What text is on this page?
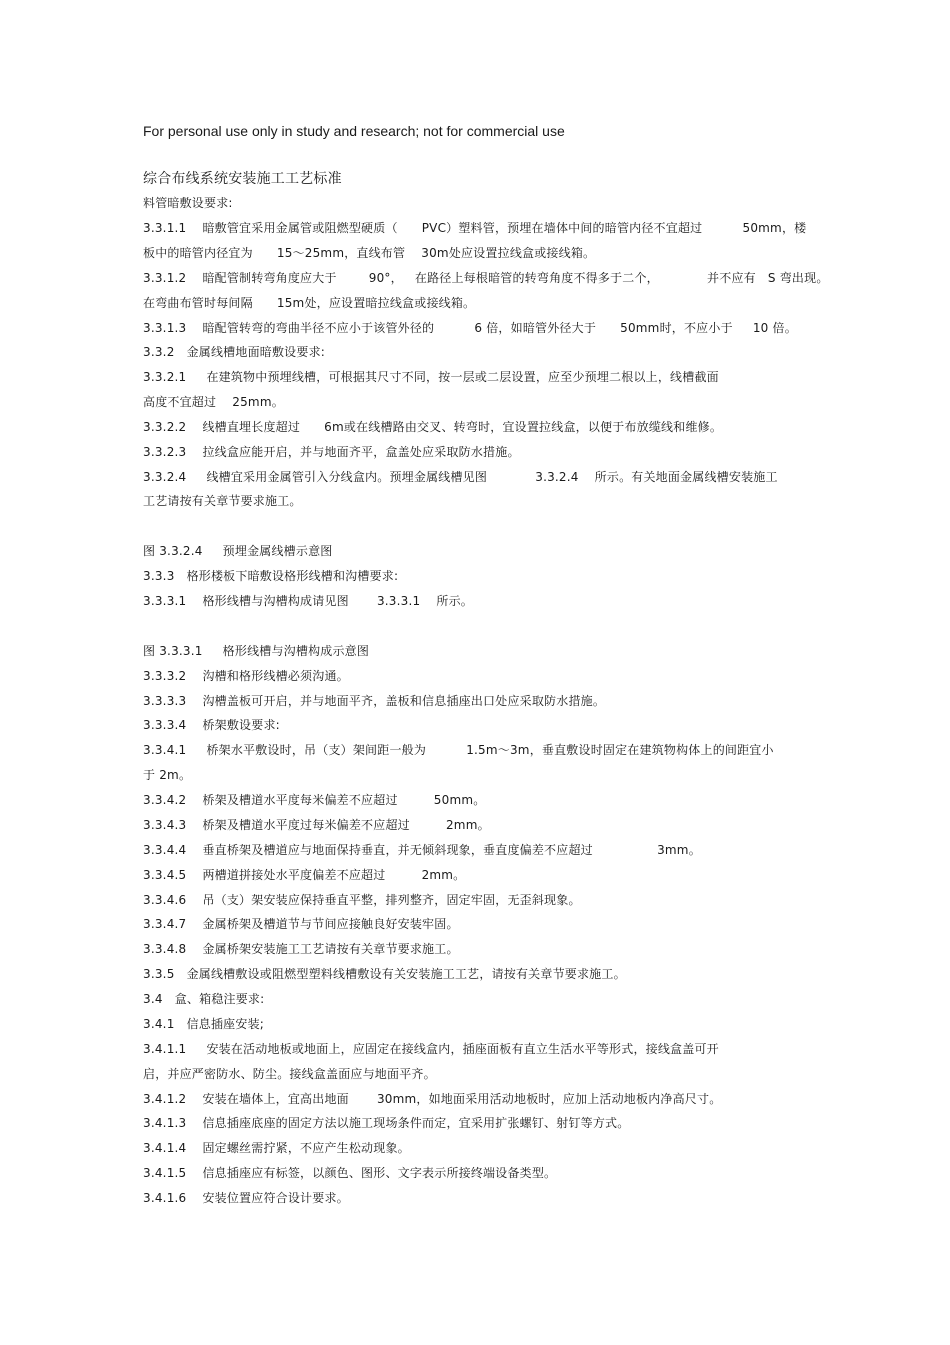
For personal use only in study and research; not for commercial use
综合布线系统安装施工工艺标准
料管暗敷设要求:
3.3.1.1    暗敷管宜采用金属管或阻燃型硬质（      PVC）塑料管，预埋在墙体中间的暗管内径不宜超过          50mm，楼
板中的暗管内径宜为      15～25mm，直线布管    30m处应设置拉线盒或接线箱。
3.3.1.2    暗配管制转弯角度应大于        90°，   在路径上每根暗管的转弯角度不得多于二个，            并不应有   S 弯出现。
在弯曲布管时每间隔      15m处，应设置暗拉线盒或接线箱。
3.3.1.3    暗配管转弯的弯曲半径不应小于该管外径的          6 倍，如暗管外径大于      50mm时，不应小于     10 倍。
3.3.2   金属线槽地面暗敷设要求:
3.3.2.1     在建筑物中预埋线槽，可根据其尺寸不同，按一层或二层设置，应至少预埋二根以上，线槽截面
高度不宜超过    25mm。
3.3.2.2    线槽直埋长度超过      6m或在线槽路由交叉、转弯时，宜设置拉线盒，以便于布放缆线和维修。
3.3.2.3    拉线盒应能开启，并与地面齐平，盒盖处应采取防水措施。
3.3.2.4     线槽宜采用金属管引入分线盒内。预埋金属线槽见图            3.3.2.4    所示。有关地面金属线槽安装施工
工艺请按有关章节要求施工。
图 3.3.2.4     预埋金属线槽示意图
3.3.3   格形楼板下暗敷设格形线槽和沟槽要求:
3.3.3.1    格形线槽与沟槽构成请见图       3.3.3.1    所示。
图 3.3.3.1     格形线槽与沟槽构成示意图
3.3.3.2    沟槽和格形线槽必须沟通。
3.3.3.3    沟槽盖板可开启，并与地面平齐，盖板和信息插座出口处应采取防水措施。
3.3.3.4    桥架敷设要求:
3.3.4.1     桥架水平敷设时，吊（支）架间距一般为          1.5m～3m，垂直敷设时固定在建筑物构体上的间距宜小
于 2m。
3.3.4.2    桥架及槽道水平度每米偏差不应超过         50mm。
3.3.4.3    桥架及槽道水平度过每米偏差不应超过         2mm。
3.3.4.4    垂直桥架及槽道应与地面保持垂直，并无倾斜现象，垂直度偏差不应超过                3mm。
3.3.4.5    两槽道拼接处水平度偏差不应超过         2mm。
3.3.4.6    吊（支）架安装应保持垂直平整，排列整齐，固定牢固，无歪斜现象。
3.3.4.7    金属桥架及槽道节与节间应接触良好安装牢固。
3.3.4.8    金属桥架安装施工工艺请按有关章节要求施工。
3.3.5   金属线槽敷设或阻燃型塑料线槽敷设有关安装施工工艺，请按有关章节要求施工。
3.4   盒、箱稳注要求:
3.4.1   信息插座安装;
3.4.1.1     安装在活动地板或地面上，应固定在接线盒内，插座面板有直立生活水平等形式，接线盒盖可开
启，并应严密防水、防尘。接线盒盖面应与地面平齐。
3.4.1.2    安装在墙体上，宜高出地面       30mm，如地面采用活动地板时，应加上活动地板内净高尺寸。
3.4.1.3    信息插座底座的固定方法以施工现场条件而定，宜采用扩张螺钉、射钉等方式。
3.4.1.4    固定螺丝需拧紧，不应产生松动现象。
3.4.1.5    信息插座应有标签，以颜色、图形、文字表示所接终端设备类型。
3.4.1.6    安装位置应符合设计要求。
